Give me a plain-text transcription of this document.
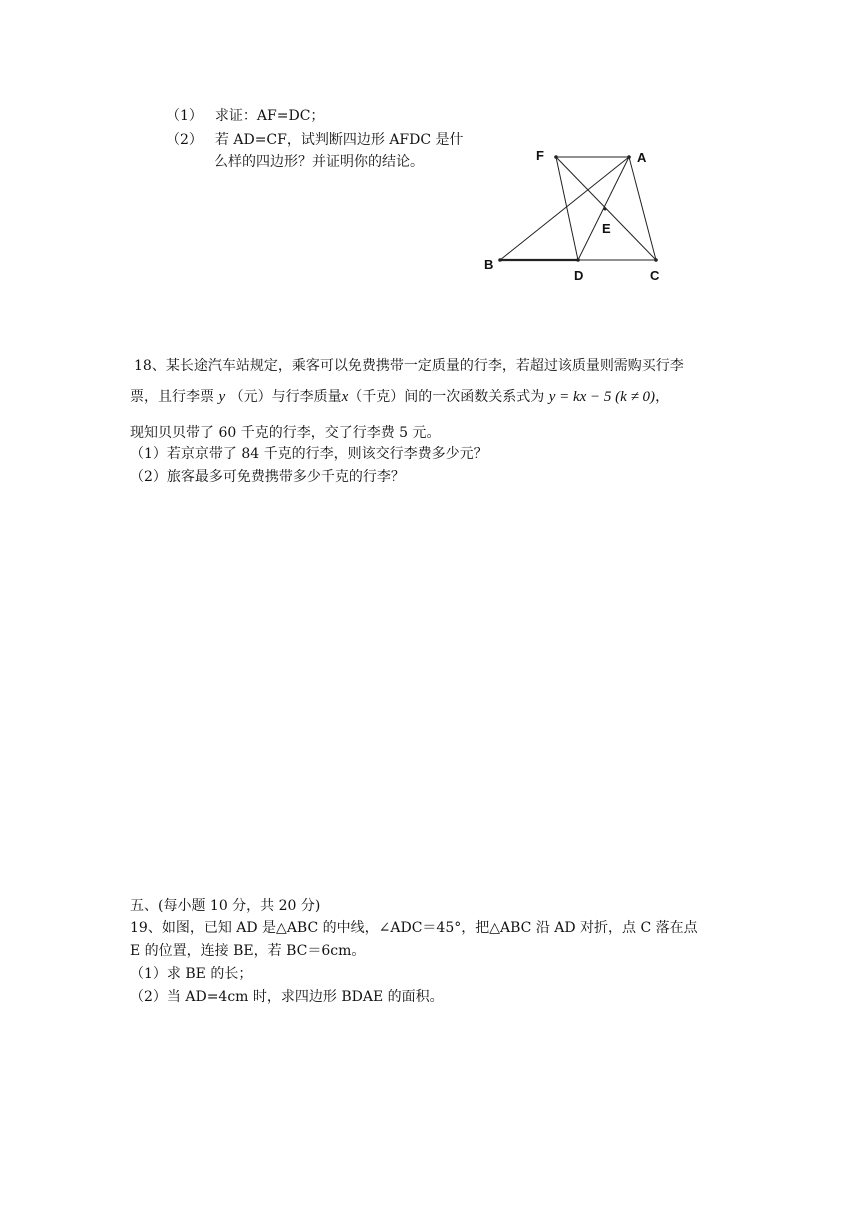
（1） 求证：AF=DC；
（2） 若 AD=CF，试判断四边形 AFDC 是什
么样的四边形？并证明你的结论。	F	A
E
B
D	C
18、某长途汽车站规定，乘客可以免费携带一定质量的行李，若超过该质量则需购买行李
票，且行李票 y （元）与行李质量x（千克）间的一次函数关系式为 y = kx − 5 (k ≠ 0)，
现知贝贝带了 60 千克的行李，交了行李费 5 元。
（1）若京京带了 84 千克的行李，则该交行李费多少元？
（2）旅客最多可免费携带多少千克的行李？
五、(每小题 10 分，共 20 分)
19、如图，已知 AD 是△ABC 的中线，∠ADC＝45°，把△ABC 沿 AD 对折，点 C 落在点
E 的位置，连接 BE，若 BC＝6cm。
（1）求 BE 的长；
（2）当 AD=4cm 时，求四边形 BDAE 的面积。
